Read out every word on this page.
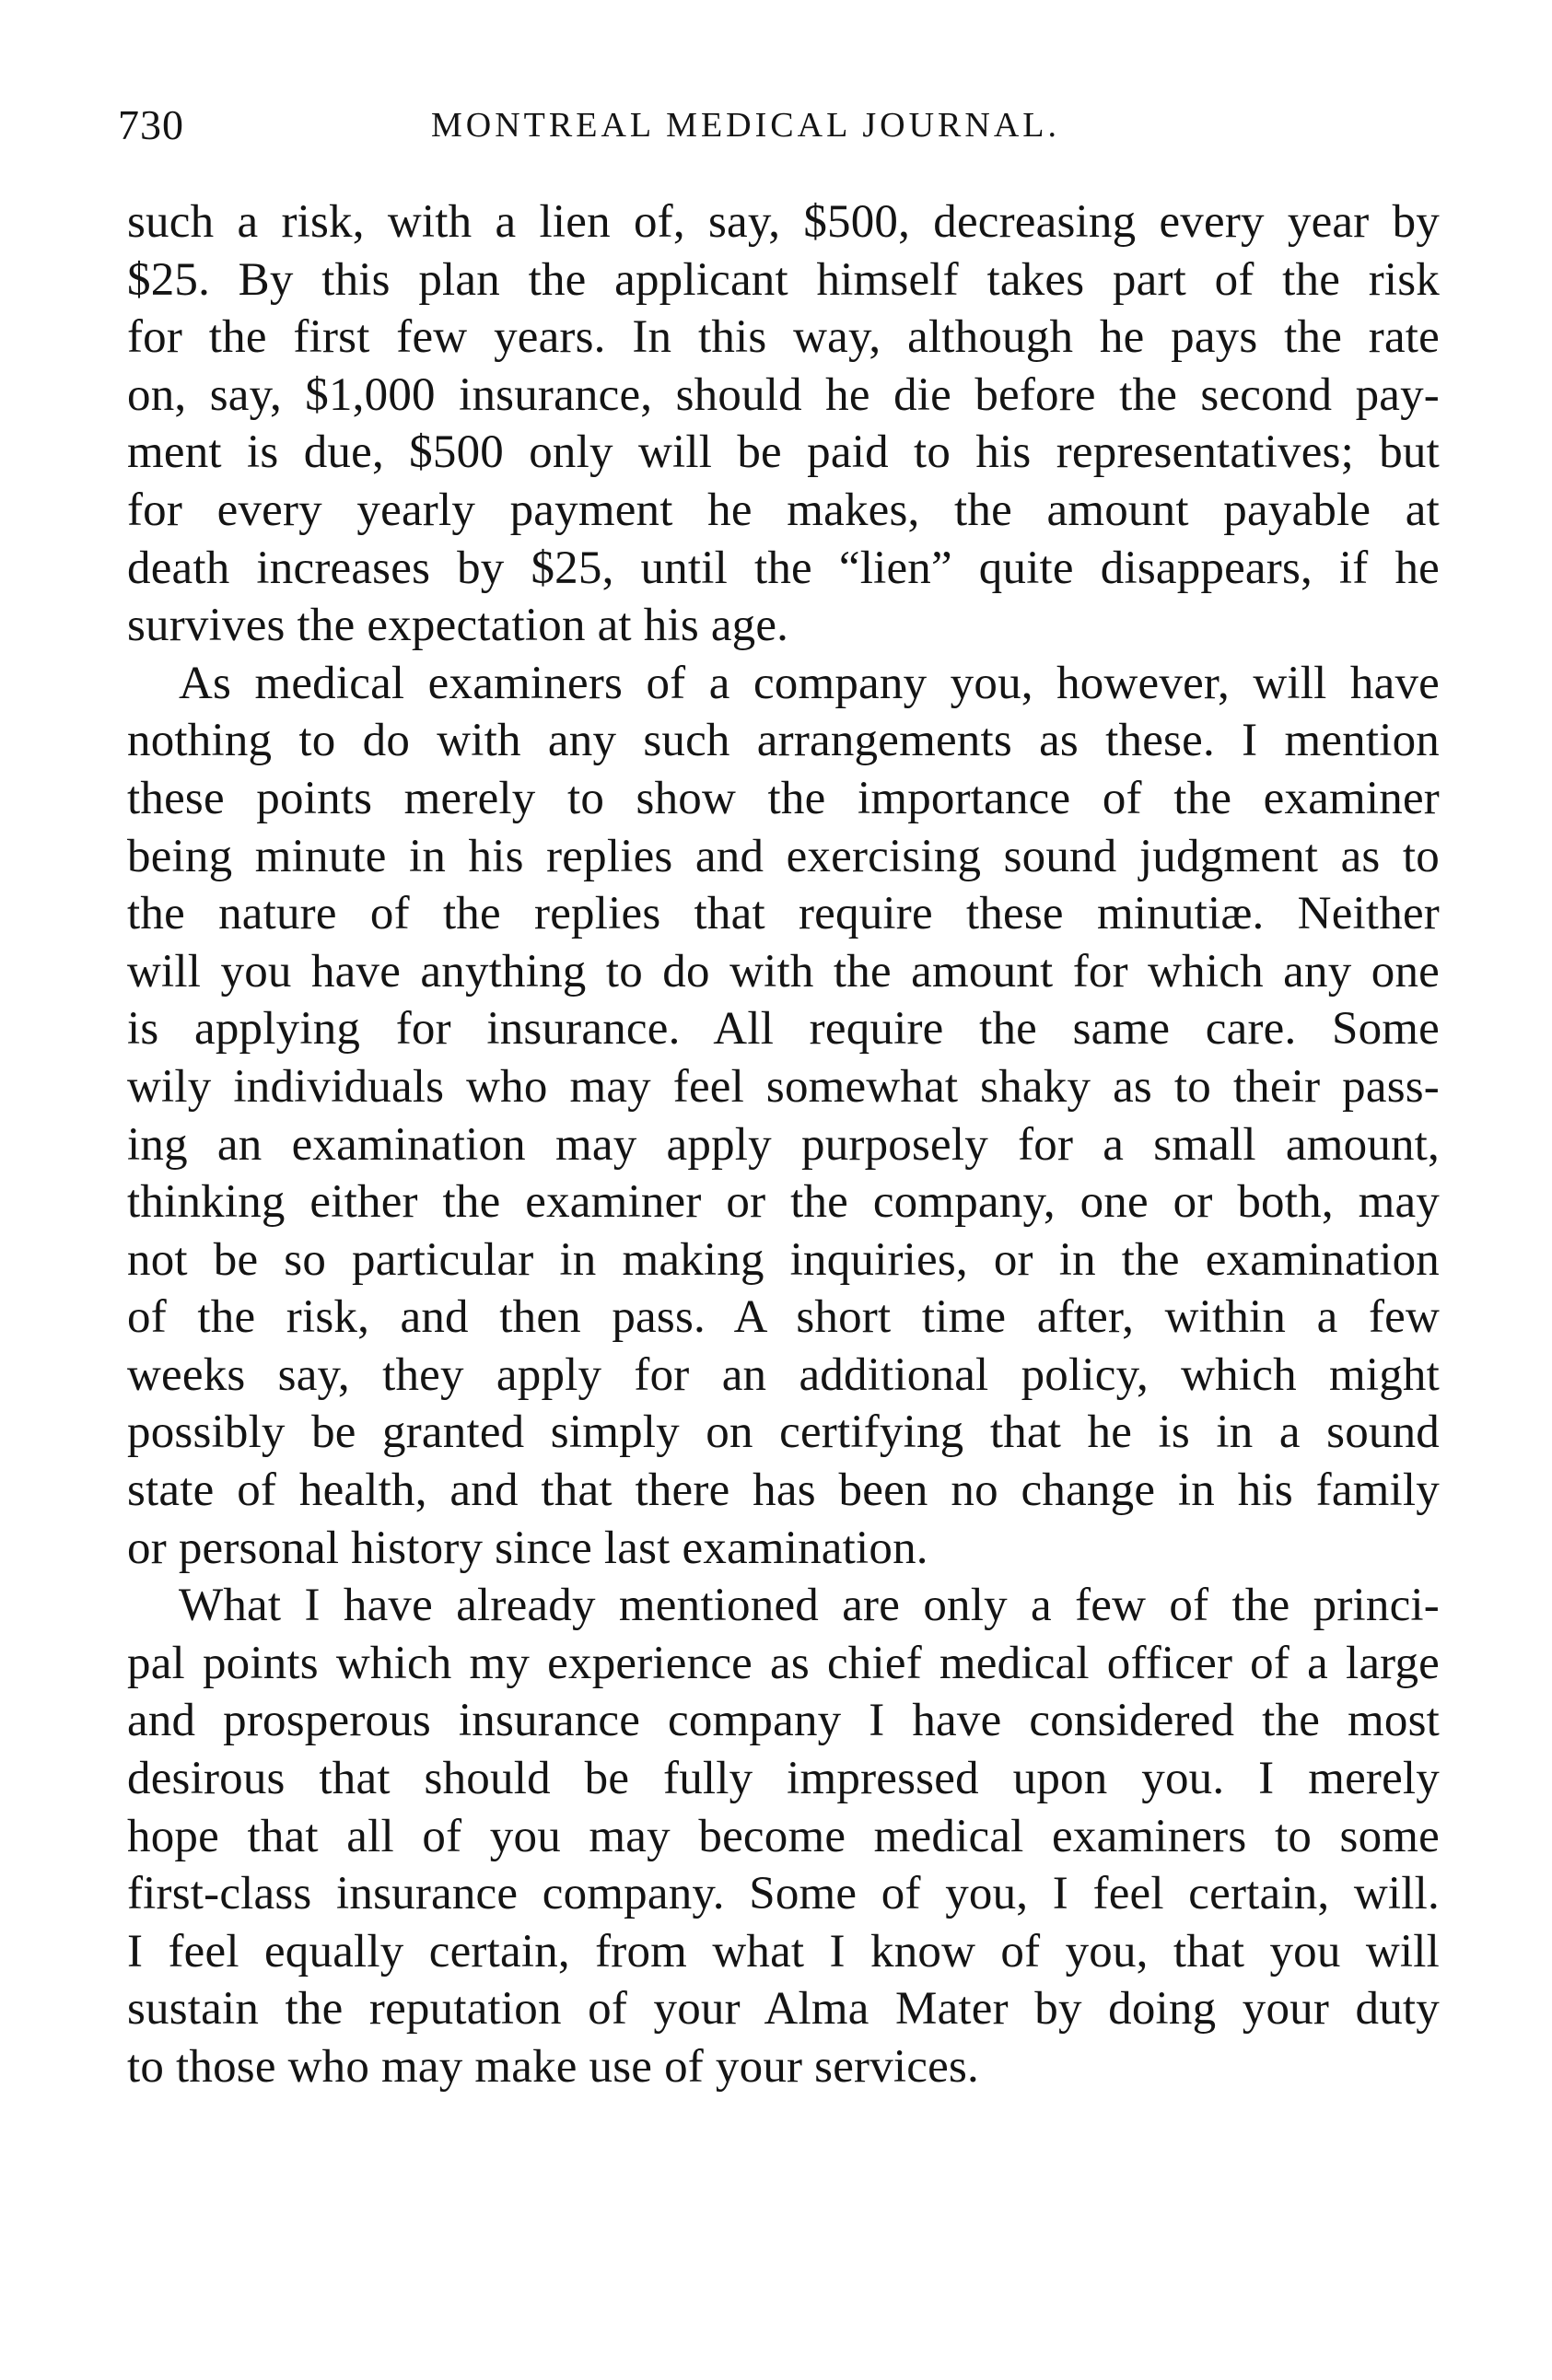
730	MONTREAL MEDICAL JOURNAL.

such a risk, with a lien of, say, $500, decreasing every year by
$25. By this plan the applicant himself takes part of the risk
for the first few years. In this way, although he pays the rate
on, say, $1,000 insurance, should he die before the second pay-
ment is due, $500 only will be paid to his representatives; but
for every yearly payment he makes, the amount payable at
death increases by $25, until the “lien” quite disappears, if he
survives the expectation at his age.

As medical examiners of a company you, however, will have
nothing to do with any such arrangements as these. I mention
these points merely to show the importance of the examiner
being minute in his replies and exercising sound judgment as to
the nature of the replies that require these minutiæ. Neither
will you have anything to do with the amount for which any one
is applying for insurance. All require the same care. Some
wily individuals who may feel somewhat shaky as to their pass-
ing an examination may apply purposely for a small amount,
thinking either the examiner or the company, one or both, may
not be so particular in making inquiries, or in the examination
of the risk, and then pass. A short time after, within a few
weeks say, they apply for an additional policy, which might
possibly be granted simply on certifying that he is in a sound
state of health, and that there has been no change in his family
or personal history since last examination.

What I have already mentioned are only a few of the princi-
pal points which my experience as chief medical officer of a large
and prosperous insurance company I have considered the most
desirous that should be fully impressed upon you. I merely
hope that all of you may become medical examiners to some
first-class insurance company. Some of you, I feel certain, will.
I feel equally certain, from what I know of you, that you will
sustain the reputation of your Alma Mater by doing your duty
to those who may make use of your services.
